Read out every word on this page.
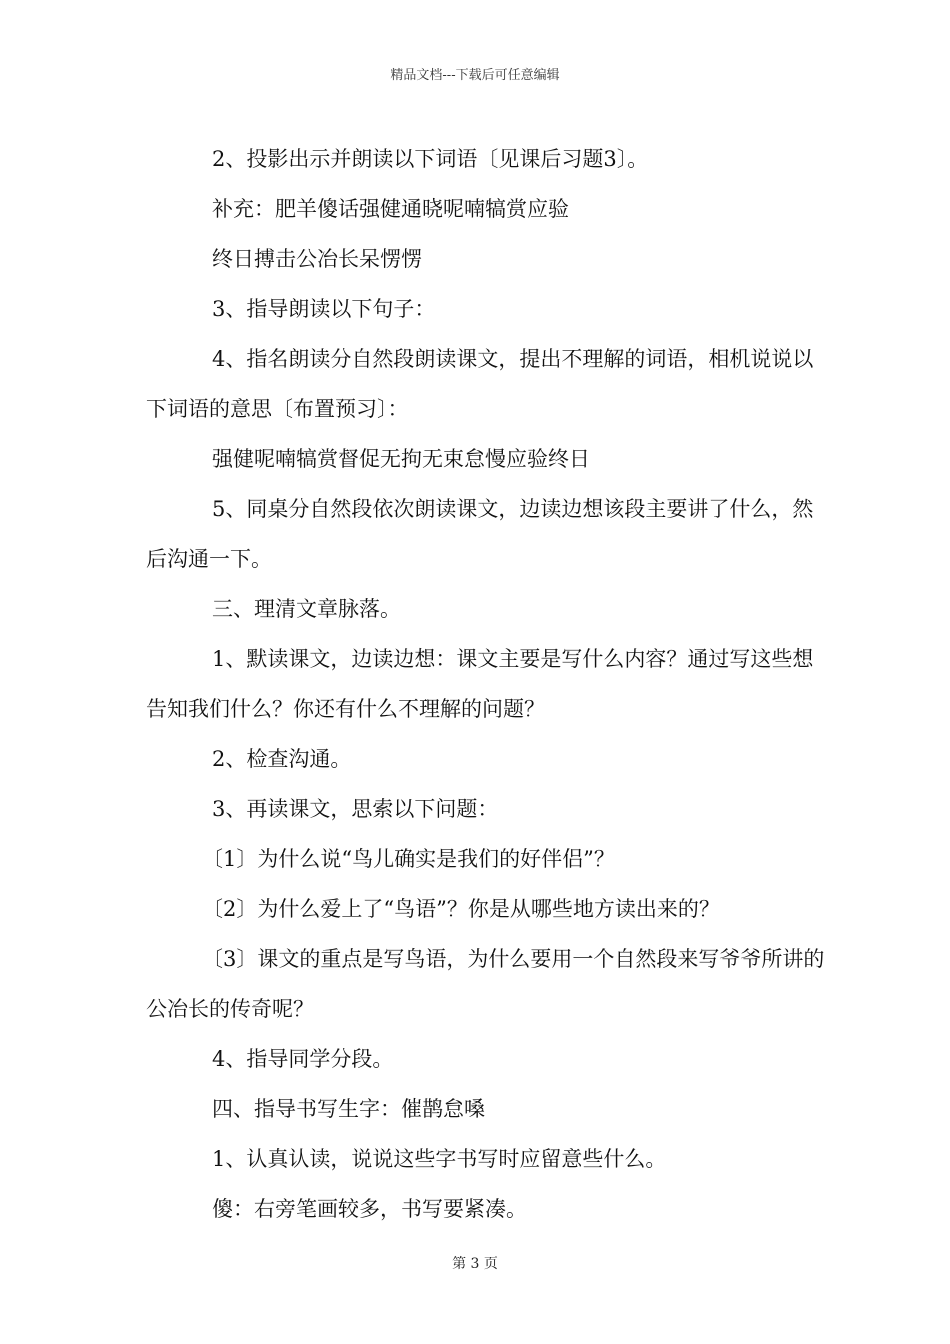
精品文档---下载后可任意编辑

2、投影出示并朗读以下词语〔见课后习题3〕。

补充：肥羊傻话强健通晓呢喃犒赏应验

终日搏击公冶长呆愣愣

3、指导朗读以下句子：

4、指名朗读分自然段朗读课文，提出不理解的词语，相机说说以下词语的意思〔布置预习〕：

强健呢喃犒赏督促无拘无束怠慢应验终日

5、同桌分自然段依次朗读课文，边读边想该段主要讲了什么，然后沟通一下。

三、理清文章脉落。

1、默读课文，边读边想：课文主要是写什么内容？通过写这些想告知我们什么？你还有什么不理解的问题？

2、检查沟通。

3、再读课文，思索以下问题：

〔1〕为什么说“鸟儿确实是我们的好伴侣”？

〔2〕为什么爱上了“鸟语”？你是从哪些地方读出来的？

〔3〕课文的重点是写鸟语，为什么要用一个自然段来写爷爷所讲的公冶长的传奇呢？

4、指导同学分段。

四、指导书写生字：催鹊怠嗓

1、认真认读，说说这些字书写时应留意些什么。

傻：右旁笔画较多，书写要紧凑。

第 3 页
